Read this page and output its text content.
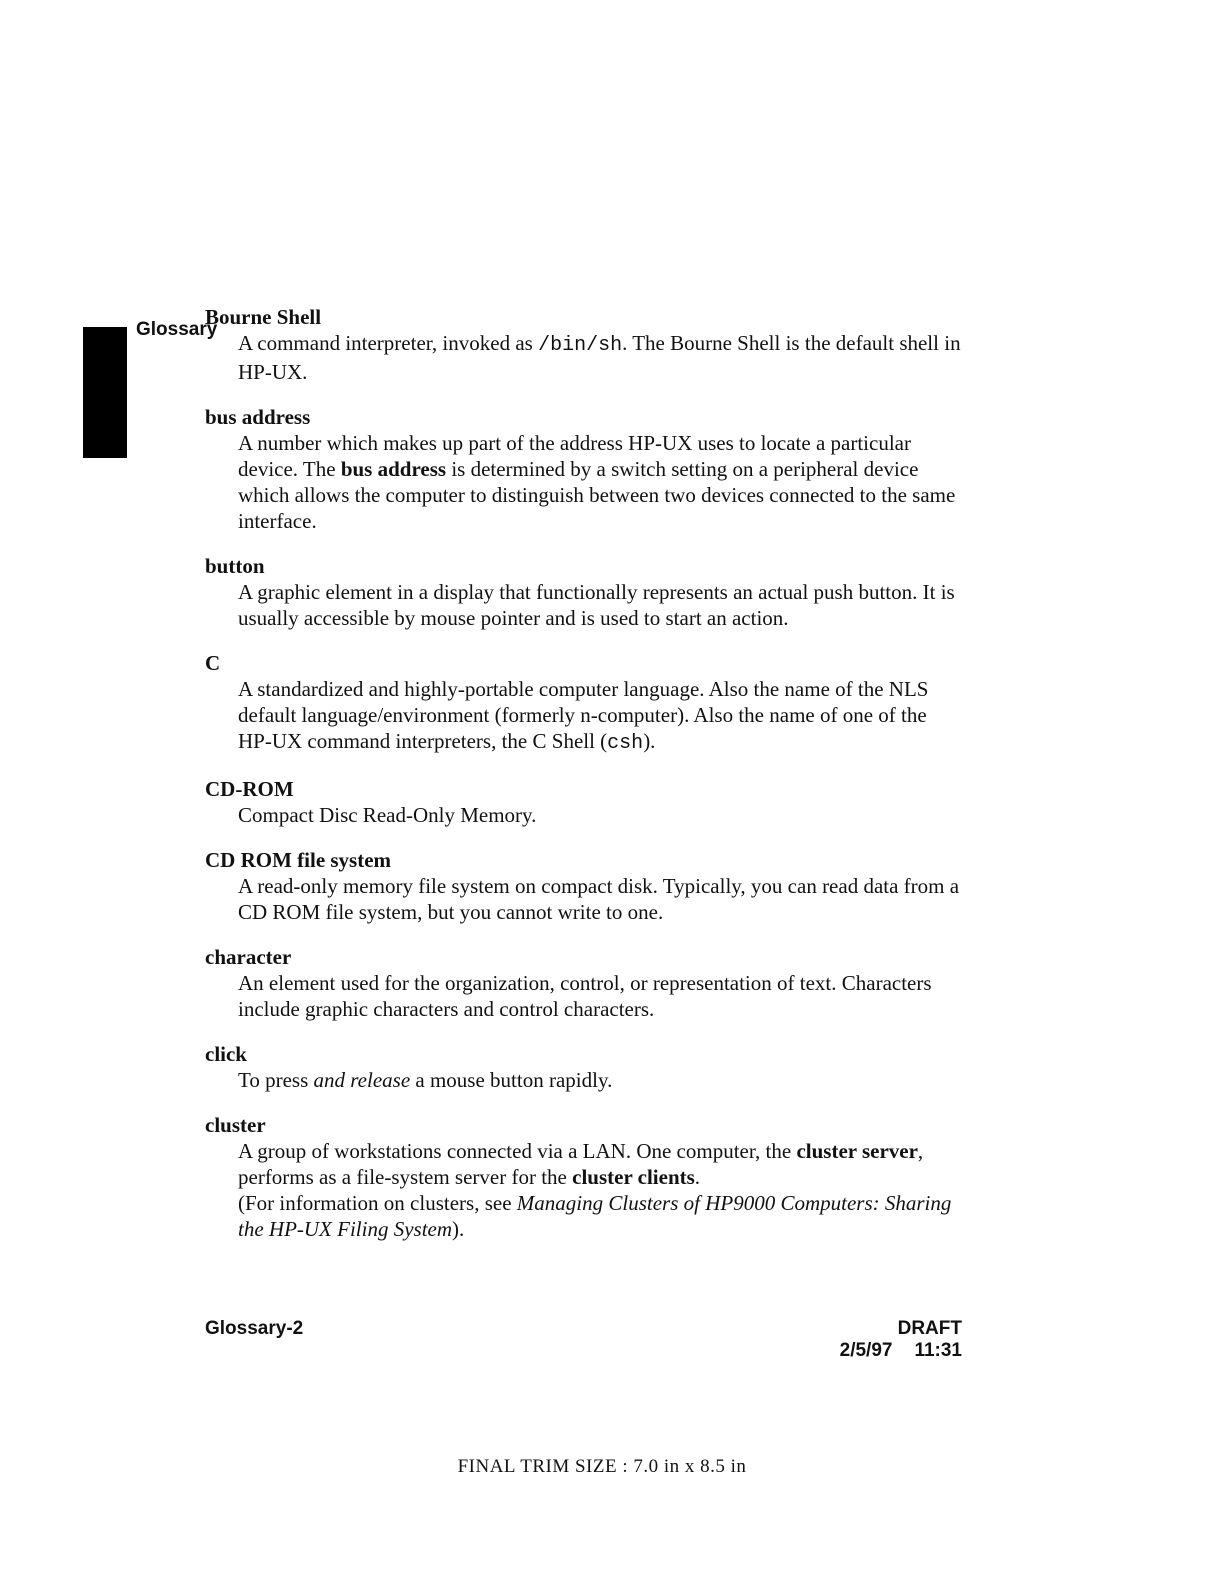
Glossary
Bourne Shell
A command interpreter, invoked as /bin/sh. The Bourne Shell is the default shell in HP-UX.
bus address
A number which makes up part of the address HP-UX uses to locate a particular device. The bus address is determined by a switch setting on a peripheral device which allows the computer to distinguish between two devices connected to the same interface.
button
A graphic element in a display that functionally represents an actual push button. It is usually accessible by mouse pointer and is used to start an action.
C
A standardized and highly-portable computer language. Also the name of the NLS default language/environment (formerly n-computer). Also the name of one of the HP-UX command interpreters, the C Shell (csh).
CD-ROM
Compact Disc Read-Only Memory.
CD ROM file system
A read-only memory file system on compact disk. Typically, you can read data from a CD ROM file system, but you cannot write to one.
character
An element used for the organization, control, or representation of text. Characters include graphic characters and control characters.
click
To press and release a mouse button rapidly.
cluster

A group of workstations connected via a LAN. One computer, the cluster server, performs as a file-system server for the cluster clients.

(For information on clusters, see Managing Clusters of HP9000 Computers: Sharing the HP-UX Filing System).

Glossary-2	DRAFT
2/5/97 11:31
FINAL TRIM SIZE : 7.0 in x 8.5 in
